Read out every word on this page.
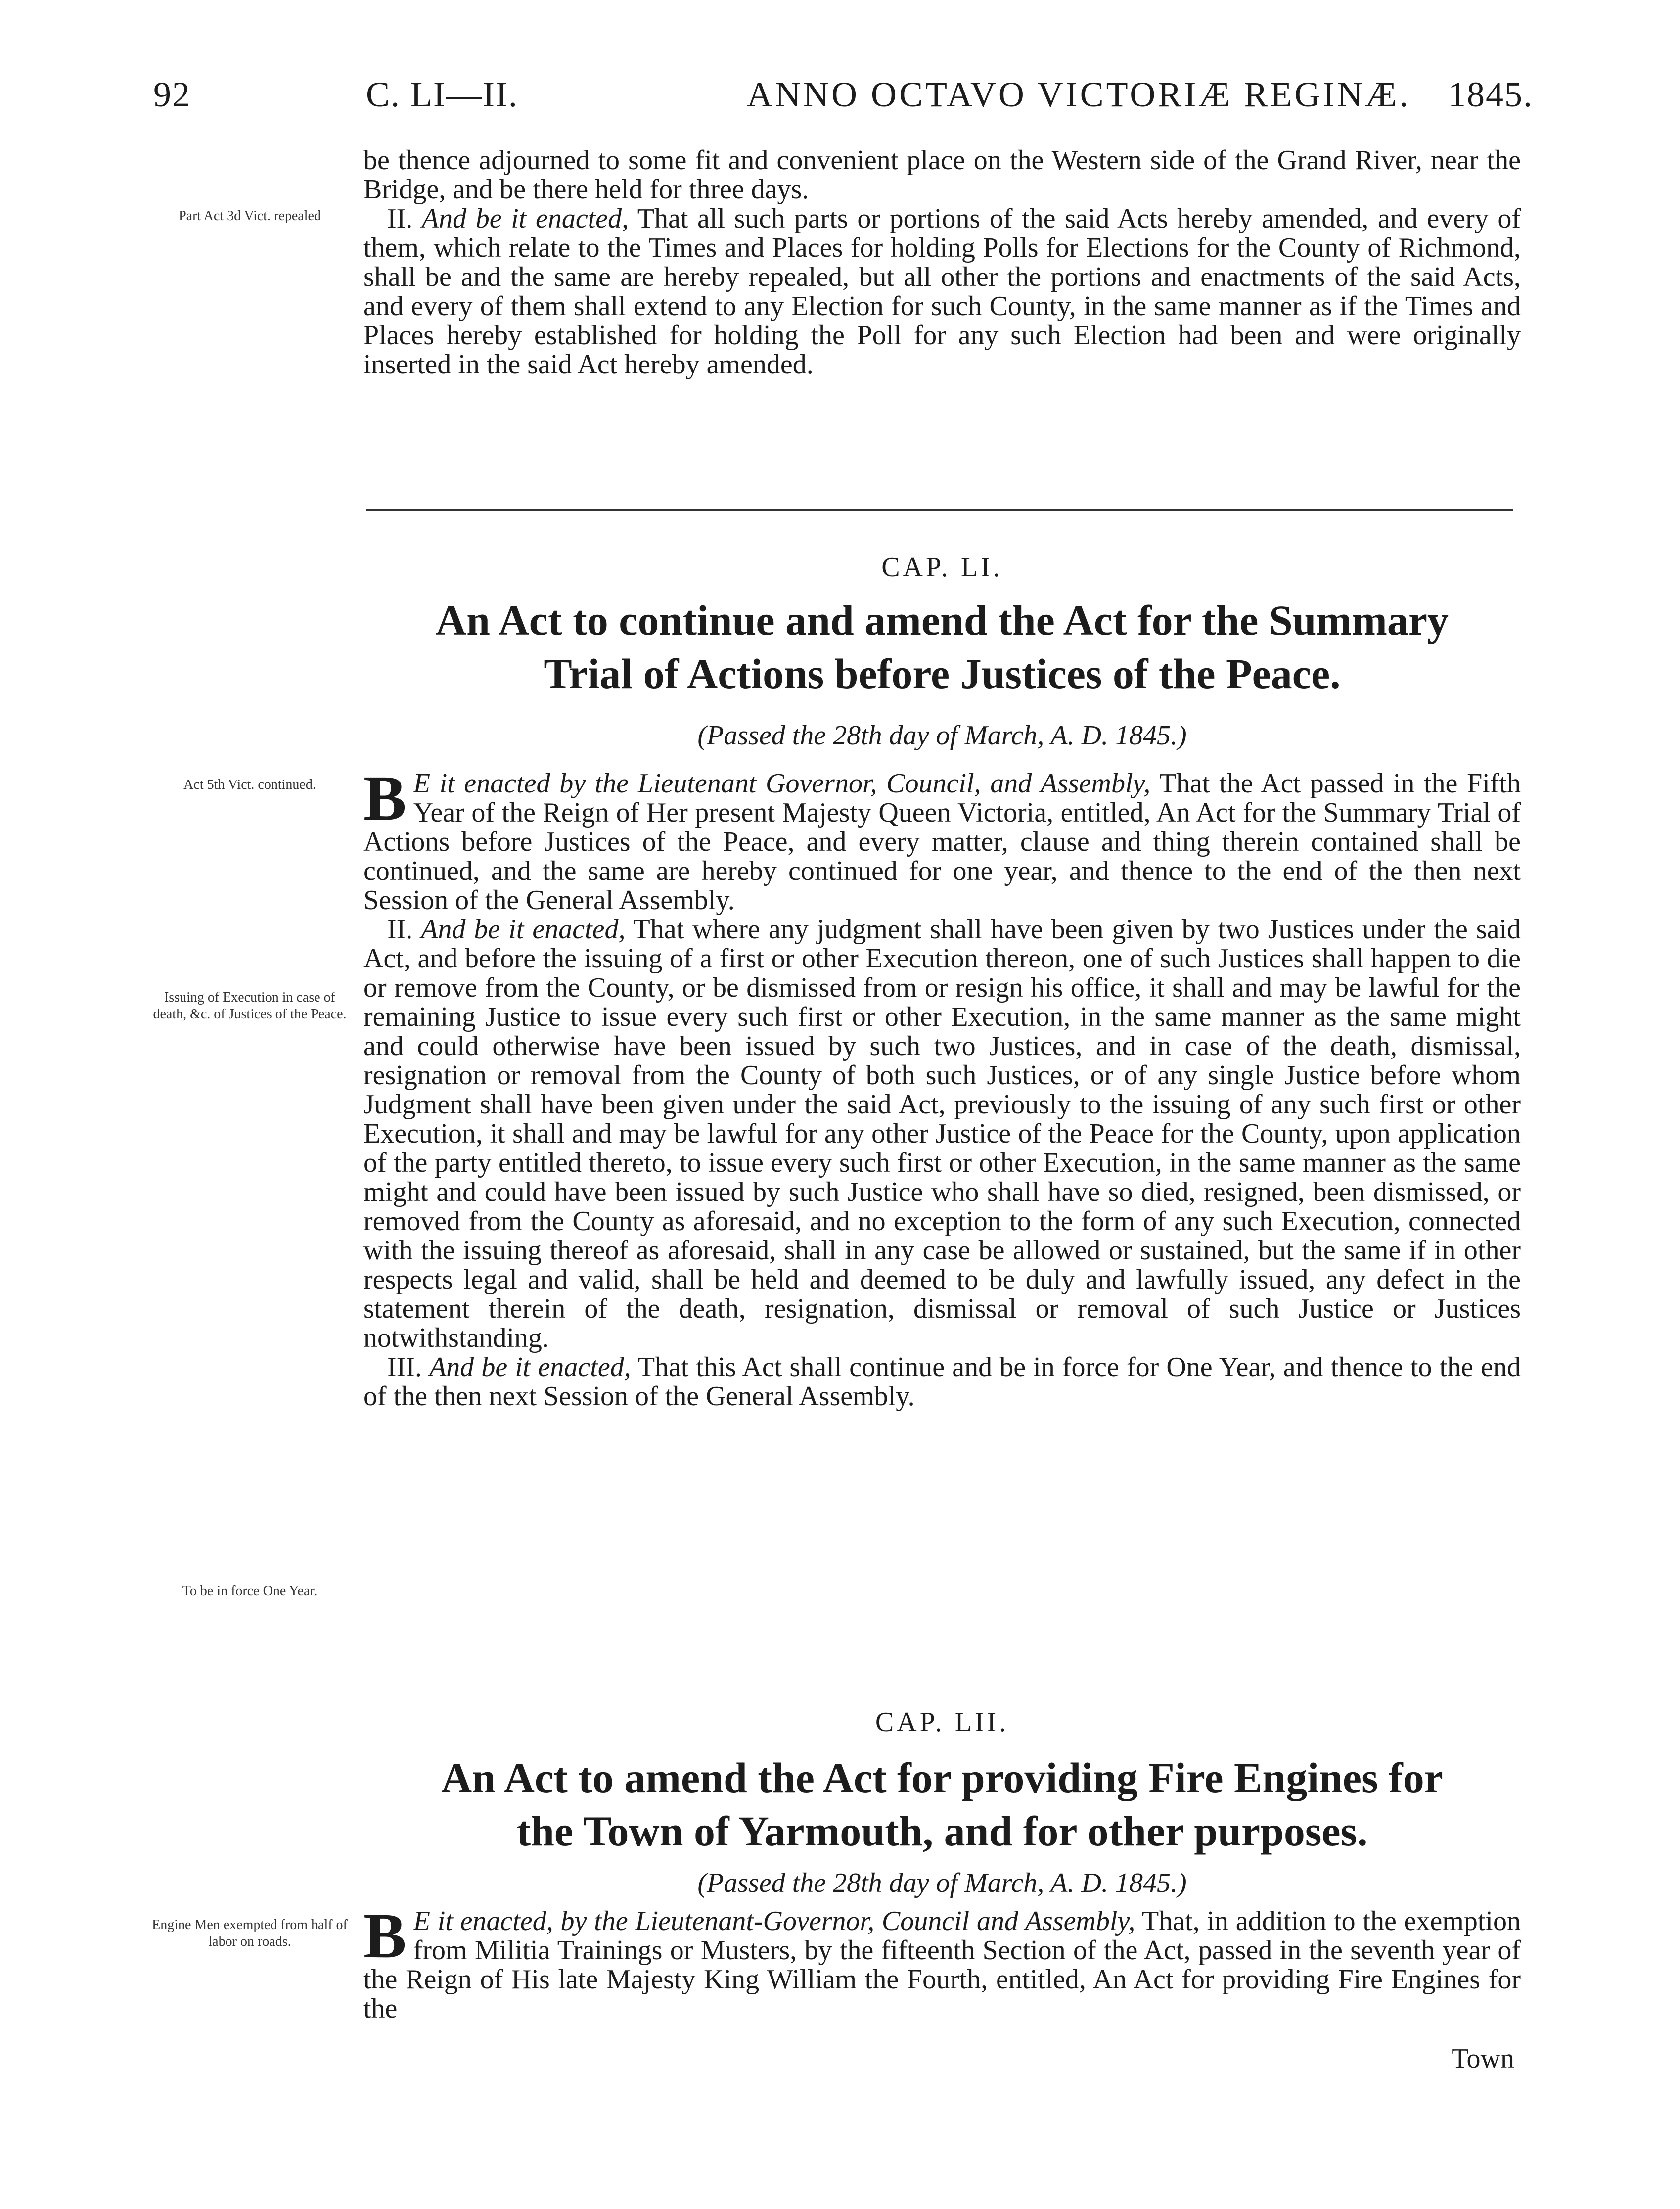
92	C. LI—II.	ANNO OCTAVO VICTORIÆ REGINÆ. 1845.

be thence adjourned to some fit and convenient place on the Western side of the Grand River, near the Bridge, and be there held for three days.

II. And be it enacted, That all such parts or portions of the said Acts hereby amended, and every of them, which relate to the Times and Places for holding Polls for Elections for the County of Richmond, shall be and the same are hereby repealed, but all other the portions and enactments of the said Acts, and every of them shall extend to any Election for such County, in the same manner as if the Times and Places hereby established for holding the Poll for any such Election had been and were originally inserted in the said Act hereby amended.

Part Act 3d Vict. repealed
CAP. LI.
An Act to continue and amend the Act for the Summary
Trial of Actions before Justices of the Peace.
(Passed the 28th day of March, A. D. 1845.)

B E it enacted by the Lieutenant Governor, Council, and Assembly, That the Act passed in the Fifth Year of the Reign of Her present Majesty Queen Victoria, entitled, An Act for the Summary Trial of Actions before Justices of the Peace, and every matter, clause and thing therein contained shall be continued, and the same are hereby continued for one year, and thence to the end of the then next Session of the General Assembly.

II. And be it enacted, That where any judgment shall have been given by two Justices under the said Act, and before the issuing of a first or other Execution thereon, one of such Justices shall happen to die or remove from the County, or be dismissed from or resign his office, it shall and may be lawful for the remaining Justice to issue every such first or other Execution, in the same manner as the same might and could otherwise have been issued by such two Justices, and in case of the death, dismissal, resignation or removal from the County of both such Justices, or of any single Justice before whom Judgment shall have been given under the said Act, previously to the issuing of any such first or other Execution, it shall and may be lawful for any other Justice of the Peace for the County, upon application of the party entitled thereto, to issue every such first or other Execution, in the same manner as the same might and could have been issued by such Justice who shall have so died, resigned, been dismissed, or removed from the County as aforesaid, and no exception to the form of any such Execution, connected with the issuing thereof as aforesaid, shall in any case be allowed or sustained, but the same if in other respects legal and valid, shall be held and deemed to be duly and lawfully issued, any defect in the statement therein of the death, resignation, dismissal or removal of such Justice or Justices notwithstanding.

III. And be it enacted, That this Act shall continue and be in force for One Year, and thence to the end of the then next Session of the General Assembly.

Act 5th Vict. continued.
Issuing of Execution in case of death, &c. of Justices of the Peace.
To be in force One Year.
CAP. LII.
An Act to amend the Act for providing Fire Engines for
the Town of Yarmouth, and for other purposes.
(Passed the 28th day of March, A. D. 1845.)

B E it enacted, by the Lieutenant-Governor, Council and Assembly, That, in addition to the exemption from Militia Trainings or Musters, by the fifteenth Section of the Act, passed in the seventh year of the Reign of His late Majesty King William the Fourth, entitled, An Act for providing Fire Engines for the

Engine Men exempted from half of labor on roads.
Town
